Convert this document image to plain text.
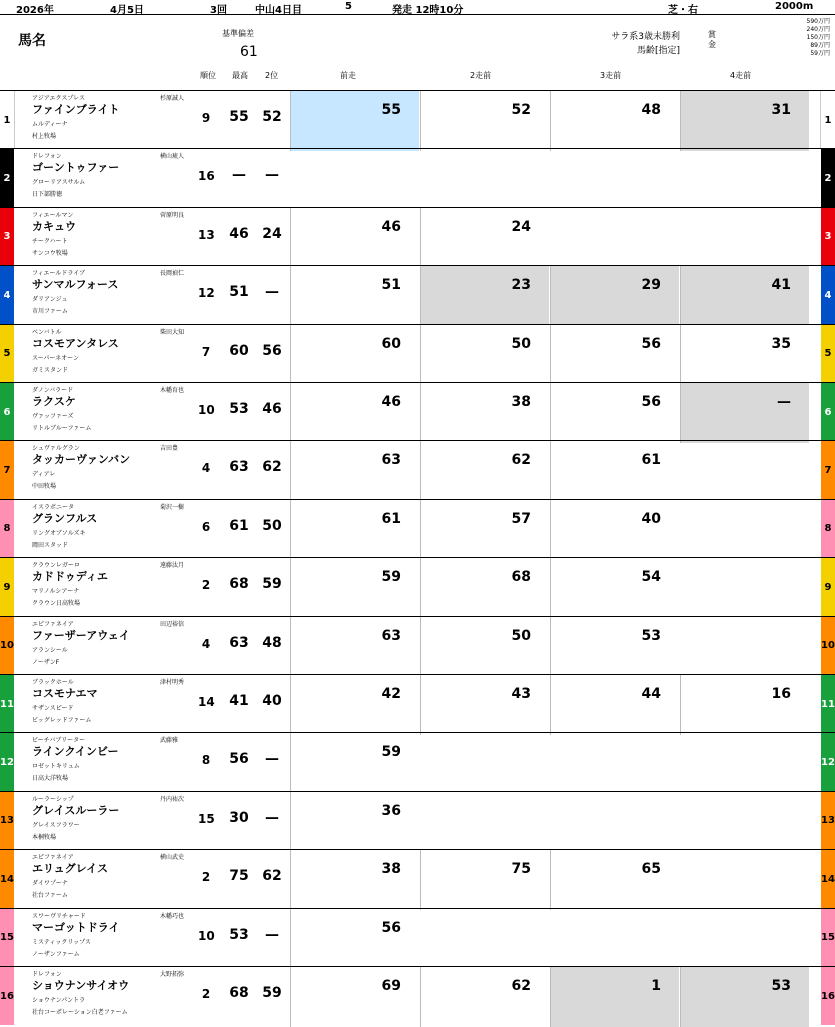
2026年	4月5日	3回	中山4日目	5	発走 12時10分	芝・右	2000m
馬名	基準偏差
61
サラ系3歳未勝利
馬齢[指定]
賞金
590万円
240万円
150万円
89万円
59万円
順位 最高 2位	前走	2走前	3走前	4走前
1	1
アジアエクスプレス
ファインブライト
ムルディーナ
村上牧場
杉原誠人
9	55 52	55	52	48	31
2	2
ドレフォン
ゴーントゥファー
グローリアスサルム
日下部勝徳
横山琉人
16	—	—
3	3
フィエールマン
カキュウ
チークハート
サンコウ牧場
菅原明良
13	46 24	46	24
4	4
フィエールドライブ
サンマルフォース
ダリアンジュ
市川ファーム
長岡禎仁
12	51	—	51	23	29	41
5	5
ベンバトル
コスモアンタレス
スーパーネオーン
ガミスタンド
柴田大知
7	60 56	60	50	56	35
6	6
ダノンバラード
ラクスケ
ヴァッファーズ
リトルブルーファーム
木幡育也
10	53 46	46	38	56	—
7	7
シュヴァルグラン
タッカーヴァンバン
ディアレ
中田牧場
吉田豊
4	63 62	63	62	61
8	8
イスラボニータ
グランフルス
リングオブソルズキ
岡田スタッド
菊沢一樹
6	61 50	61	57	40
9	9
クラウンレガーロ
カドドゥディエ
マリノルシアーナ
クラウン日高牧場
遠藤汰月
2	68 59	59	68	54
10	10
エピファネイア
ファーザーアウェイ
アランシール
ノーザンF
田辺裕信
4	63 48	63	50	53
11	11
ブラックホール
コスモナエマ
サザンスピード
ビッグレッドファーム
津村明秀
14	41 40	42	43	44	16
12	12
ビーチバブリーター
ラインクインビー
ロゼットキリュム
日高大洋牧場
武藤雅
8	56	—	59
13	13
ルーラーシップ
グレイスルーラー
グレイスフラワー
本桐牧場
丹内祐次
15	30	—	36
14	14
エピファネイア
エリュグレイス
ダイワプーナ
社台ファーム
横山武史
2	75 62	38	75	65
15	15
スワーヴリチャード
マーゴットドライ
ミスティックリップス
ノーザンファーム
木幡巧也
10	53	—	56
16	16
ドレフォン
ショウナンサイオウ
ショウナンパントラ
社台コーポレーション白老ファーム
大野拓弥
2	68 59	69	62	1	53
